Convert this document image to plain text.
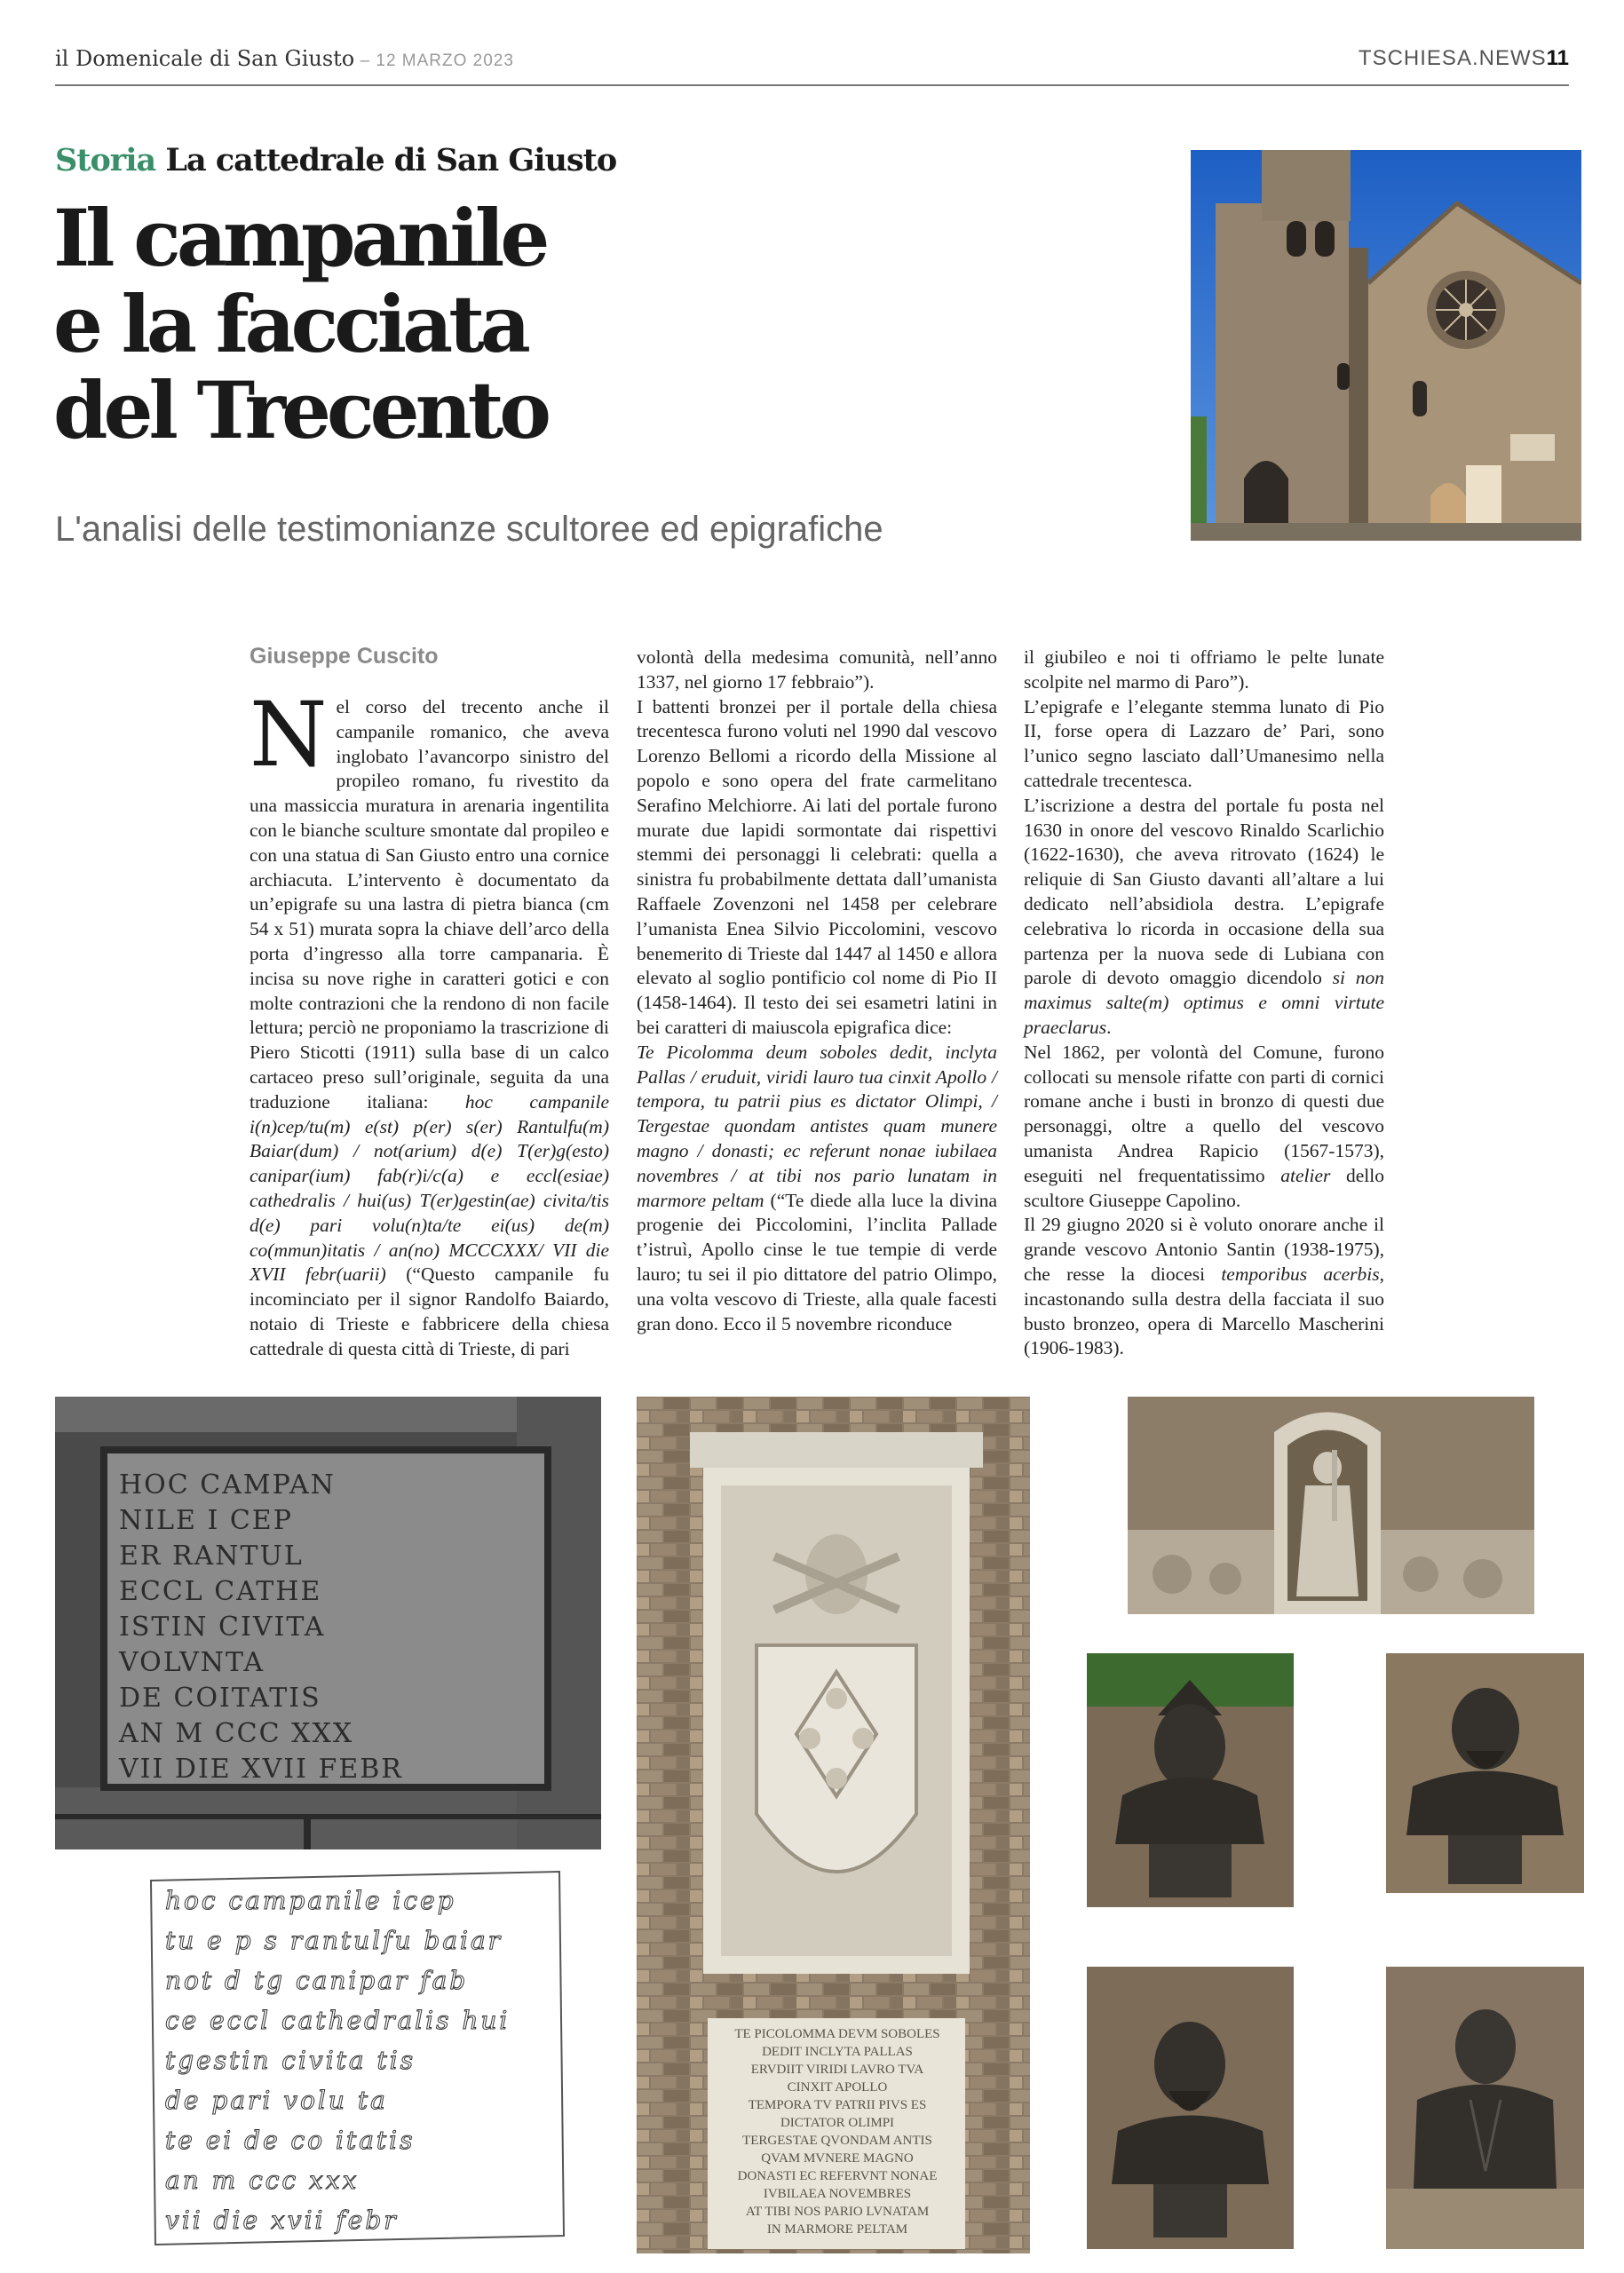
il Domenicale di San Giusto – 12 MARZO 2023	TSCHIESA.NEWS11
Storia La cattedrale di San Giusto
Il campanile
e la facciata
del Trecento
L'analisi delle testimonianze scultoree ed epigrafiche
Giuseppe Cuscito

Nel corso del trecento anche il campanile romanico, che aveva inglobato l’avancorpo sinistro del propileo romano, fu rivestito da una massiccia muratura in arenaria ingentilita con le bianche sculture smontate dal propileo e con una statua di San Giusto entro una cornice archiacuta. L’intervento è documentato da un’epigrafe su una lastra di pietra bianca (cm 54 x 51) murata sopra la chiave dell’arco della porta d’ingresso alla torre campanaria. È incisa su nove righe in caratteri gotici e con molte contrazioni che la rendono di non facile lettura; perciò ne proponiamo la trascrizione di Piero Sticotti (1911) sulla base di un calco cartaceo preso sull’originale, seguita da una traduzione italiana: hoc campanile i(n)cep/tu(m) e(st) p(er) s(er) Rantulfu(m) Baiar(dum) / not(arium) d(e) T(er)g(esto) canipar(ium) fab(r)i/c(a) e eccl(esiae) cathedralis / hui(us) T(er)gestin(ae) civita/tis d(e) pari volu(n)ta/te ei(us) de(m) co(mmun)itatis / an(no) MCCCXXX/ VII die XVII febr(uarii) (“Questo campanile fu incominciato per il signor Randolfo Baiardo, notaio di Trieste e fabbricere della chiesa cattedrale di questa città di Trieste, di pari

volontà della medesima comunità, nell’anno 1337, nel giorno 17 febbraio”).

I battenti bronzei per il portale della chiesa trecentesca furono voluti nel 1990 dal vescovo Lorenzo Bellomi a ricordo della Missione al popolo e sono opera del frate carmelitano Serafino Melchiorre. Ai lati del portale furono murate due lapidi sormontate dai rispettivi stemmi dei personaggi li celebrati: quella a sinistra fu probabilmente dettata dall’umanista Raffaele Zovenzoni nel 1458 per celebrare l’umanista Enea Silvio Piccolomini, vescovo benemerito di Trieste dal 1447 al 1450 e allora elevato al soglio pontificio col nome di Pio II (1458-1464). Il testo dei sei esametri latini in bei caratteri di maiuscola epigrafica dice:

Te Picolomma deum soboles dedit, inclyta Pallas / eruduit, viridi lauro tua cinxit Apollo / tempora, tu patrii pius es dictator Olimpi, / Tergestae quondam antistes quam munere magno / donasti; ec referunt nonae iubilaea novembres / at tibi nos pario lunatam in marmore peltam (“Te diede alla luce la divina progenie dei Piccolomini, l’inclita Pallade t’istruì, Apollo cinse le tue tempie di verde lauro; tu sei il pio dittatore del patrio Olimpo, una volta vescovo di Trieste, alla quale facesti gran dono. Ecco il 5 novembre riconduce

il giubileo e noi ti offriamo le pelte lunate scolpite nel marmo di Paro”).

L’epigrafe e l’elegante stemma lunato di Pio II, forse opera di Lazzaro de’ Pari, sono l’unico segno lasciato dall’Umanesimo nella cattedrale trecentesca.

L’iscrizione a destra del portale fu posta nel 1630 in onore del vescovo Rinaldo Scarlichio (1622-1630), che aveva ritrovato (1624) le reliquie di San Giusto davanti all’altare a lui dedicato nell’absidiola destra. L’epigrafe celebrativa lo ricorda in occasione della sua partenza per la nuova sede di Lubiana con parole di devoto omaggio dicendolo si non maximus salte(m) optimus e omni virtute praeclarus.

Nel 1862, per volontà del Comune, furono collocati su mensole rifatte con parti di cornici romane anche i busti in bronzo di questi due personaggi, oltre a quello del vescovo umanista Andrea Rapicio (1567-1573), eseguiti nel frequentatissimo atelier dello scultore Giuseppe Capolino.

Il 29 giugno 2020 si è voluto onorare anche il grande vescovo Antonio Santin (1938-1975), che resse la diocesi temporibus acerbis, incastonando sulla destra della facciata il suo busto bronzeo, opera di Marcello Mascherini (1906-1983).

HOC CAMPAN
NILE I CEP
ER RANTUL
ECCL CATHE
ISTIN CIVITA
VOLVNTA
DE COITATIS
AN M CCC XXX
VII DIE XVII FEBR
hoc campanile icep
tu e p s rantulfu baiar
not d tg canipar fab
ce eccl cathedralis hui
tgestin civita tis
de pari volu ta
te ei de co itatis
an m ccc xxx
vii die xvii febr
TE PICOLOMMA DEVM SOBOLES
DEDIT INCLYTA PALLAS
ERVDIIT VIRIDI LAVRO TVA
CINXIT APOLLO
TEMPORA TV PATRII PIVS ES
DICTATOR OLIMPI
TERGESTAE QVONDAM ANTIS
QVAM MVNERE MAGNO
DONASTI EC REFERVNT NONAE
IVBILAEA NOVEMBRES
AT TIBI NOS PARIO LVNATAM
IN MARMORE PELTAM
